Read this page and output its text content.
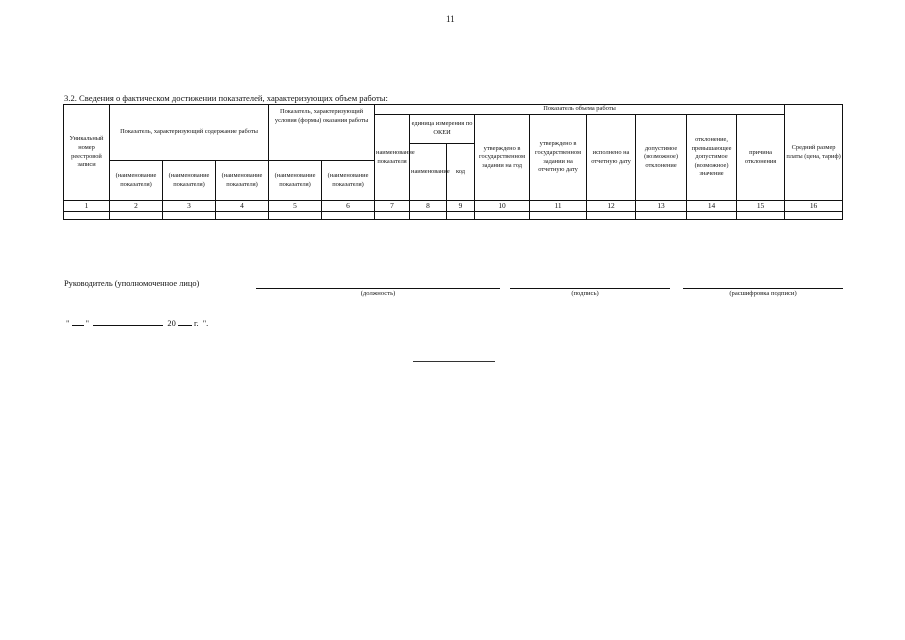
11
3.2. Сведения о фактическом достижении показателей, характеризующих объем работы:
Уникальный номер реестровой записи	Показатель, характеризующий содержание работы			Показатель, характеризующий условия (формы) оказания работы		Показатель объема работы									Средний размер платы (цена, тариф)
						наименование показателя	единица измерения по ОКЕИ		утверждено в государственном задании на год	утверждено в государственном задании на отчетную дату	исполнено на отчетную дату	допустимое (возможное) отклонение	отклонение, превышающее допустимое (возможное) значение	причина отклонения	
							наименование	код							
	(наименование показателя)	(наименование показателя)	(наименование показателя)	(наименование показателя)	(наименование показателя)										
1	2	3	4	5	6	7	8	9	10	11	12	13	14	15	16

Руководитель (уполномоченное лицо)
(должность)	(подпись)	(расшифровка подписи)
" "	20 г. ".
